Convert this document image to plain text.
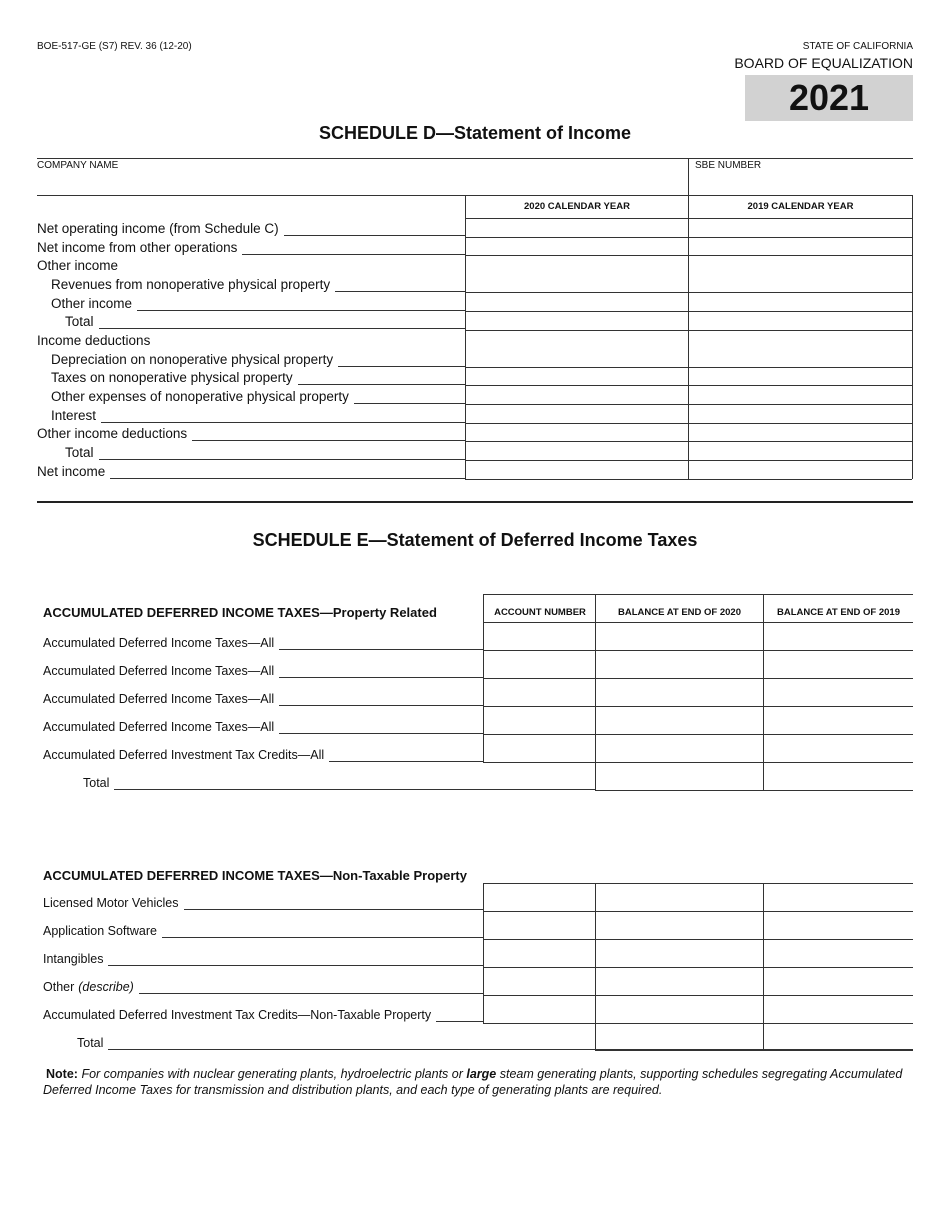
BOE-517-GE (S7) REV. 36 (12-20)	STATE OF CALIFORNIA
BOARD OF EQUALIZATION
2021
SCHEDULE D—Statement of Income
COMPANY NAME	SBE NUMBER
2020 CALENDAR YEAR	2019 CALENDAR YEAR
Net operating income (from Schedule C)
Net income from other operations
Other income
Revenues from nonoperative physical property
Other income
Total
Income deductions
Depreciation on nonoperative physical property
Taxes on nonoperative physical property
Other expenses of nonoperative physical property
Interest
Other income deductions
Total
Net income
SCHEDULE E—Statement of Deferred Income Taxes
ACCUMULATED DEFERRED INCOME TAXES—Property Related	ACCOUNT NUMBER	BALANCE AT END OF 2020	BALANCE AT END OF 2019
Accumulated Deferred Income Taxes—All
Accumulated Deferred Income Taxes—All
Accumulated Deferred Income Taxes—All
Accumulated Deferred Income Taxes—All
Accumulated Deferred Investment Tax Credits—All
Total
ACCUMULATED DEFERRED INCOME TAXES—Non-Taxable Property
Licensed Motor Vehicles
Application Software
Intangibles
Other (describe)
Accumulated Deferred Investment Tax Credits—Non-Taxable Property
Total
Note: For companies with nuclear generating plants, hydroelectric plants or large steam generating plants, supporting schedules segregating Accumulated Deferred Income Taxes for transmission and distribution plants, and each type of generating plants are required.
